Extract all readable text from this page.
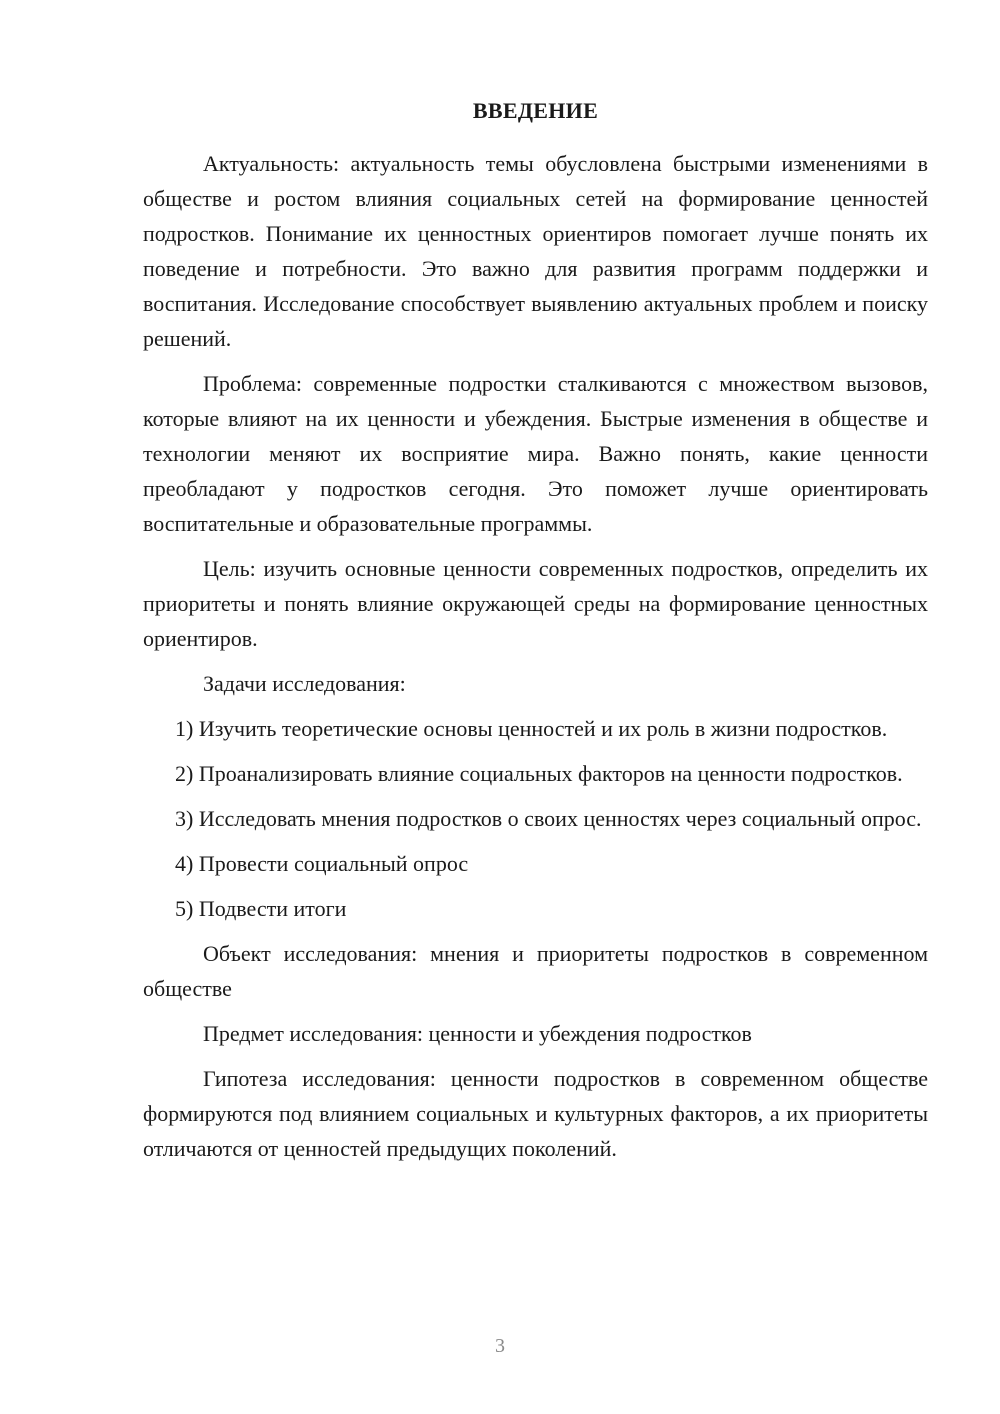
ВВЕДЕНИЕ

Актуальность: актуальность темы обусловлена быстрыми изменениями в обществе и ростом влияния социальных сетей на формирование ценностей подростков. Понимание их ценностных ориентиров помогает лучше понять их поведение и потребности. Это важно для развития программ поддержки и воспитания. Исследование способствует выявлению актуальных проблем и поиску решений.

Проблема: современные подростки сталкиваются с множеством вызовов, которые влияют на их ценности и убеждения. Быстрые изменения в обществе и технологии меняют их восприятие мира. Важно понять, какие ценности преобладают у подростков сегодня. Это поможет лучше ориентировать воспитательные и образовательные программы.

Цель: изучить основные ценности современных подростков, определить их приоритеты и понять влияние окружающей среды на формирование ценностных ориентиров.

Задачи исследования:

1) Изучить теоретические основы ценностей и их роль в жизни подростков.

2) Проанализировать влияние социальных факторов на ценности подростков.

3) Исследовать мнения подростков о своих ценностях через социальный опрос.

4) Провести социальный опрос

5) Подвести итоги

Объект исследования: мнения и приоритеты подростков в современном обществе

Предмет исследования: ценности и убеждения подростков

Гипотеза исследования: ценности подростков в современном обществе формируются под влиянием социальных и культурных факторов, а их приоритеты отличаются от ценностей предыдущих поколений.

3
